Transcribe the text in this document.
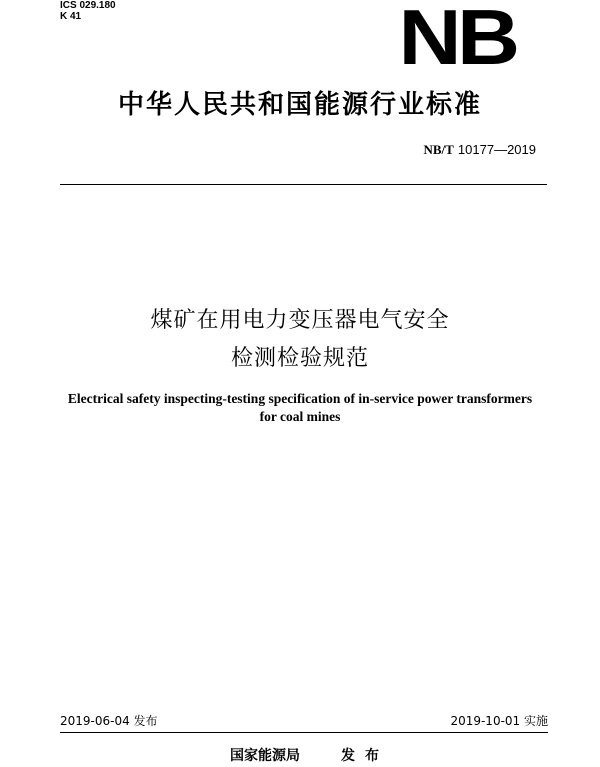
ICS 029.180
K 41	NB
中华人民共和国能源行业标准
NB/T 10177—2019
煤矿在用电力变压器电气安全
检测检验规范
Electrical safety inspecting-testing specification of in-service power transformers
for coal mines
2019-06-04 发布	2019-10-01 实施
国家能源局	发布
